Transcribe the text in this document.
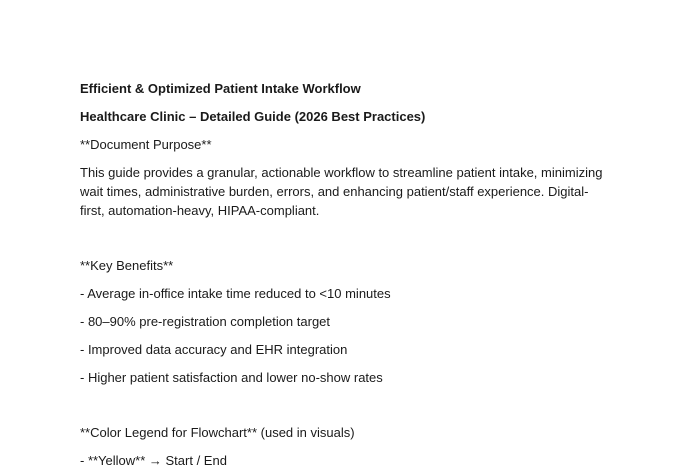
Efficient & Optimized Patient Intake Workflow
Healthcare Clinic – Detailed Guide (2026 Best Practices)
**Document Purpose**
This guide provides a granular, actionable workflow to streamline patient intake, minimizing
wait times, administrative burden, errors, and enhancing patient/staff experience. Digital-
first, automation-heavy, HIPAA-compliant.
**Key Benefits**
- Average in-office intake time reduced to <10 minutes
- 80–90% pre-registration completion target
- Improved data accuracy and EHR integration
- Higher patient satisfaction and lower no-show rates
**Color Legend for Flowchart** (used in visuals)
- **Yellow** → Start / End
